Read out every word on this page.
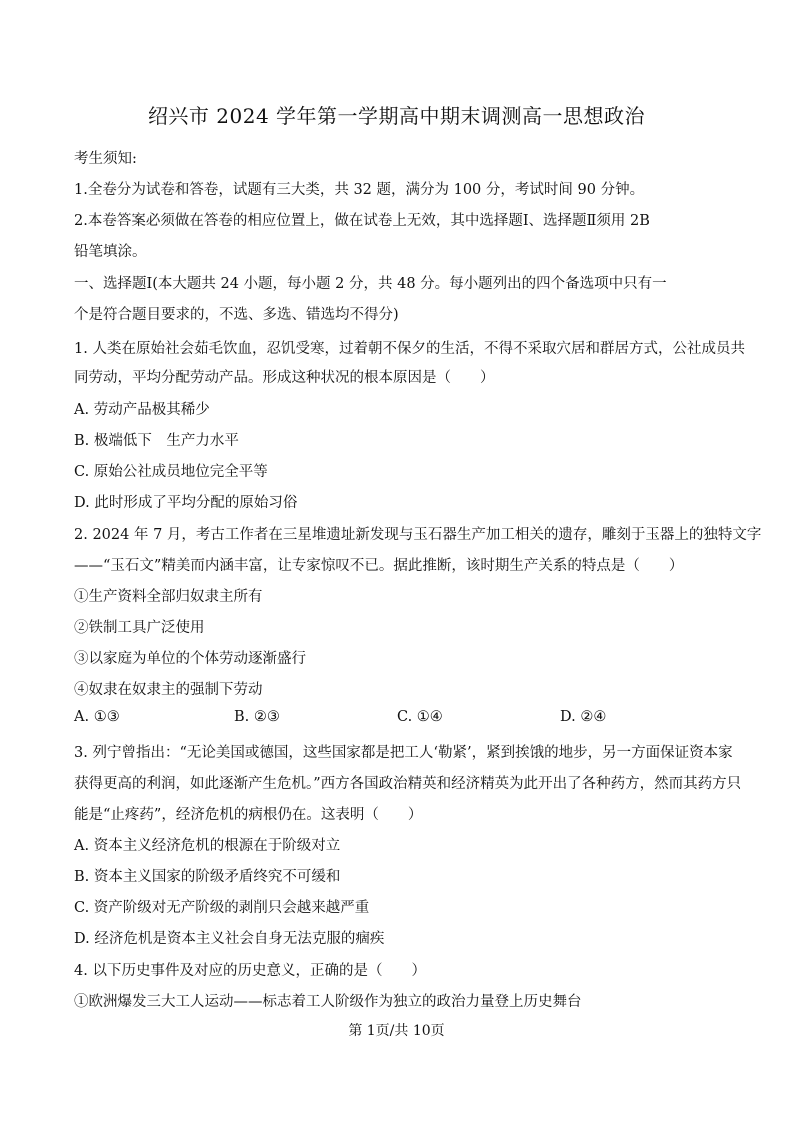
绍兴市 2024 学年第一学期高中期末调测高一思想政治
考生须知:
1.全卷分为试卷和答卷，试题有三大类，共 32 题，满分为 100 分，考试时间 90 分钟。
2.本卷答案必须做在答卷的相应位置上，做在试卷上无效，其中选择题Ⅰ、选择题Ⅱ须用 2B
铅笔填涂。
一、选择题Ⅰ(本大题共 24 小题，每小题 2 分，共 48 分。每小题列出的四个备选项中只有一
个是符合题目要求的，不选、多选、错选均不得分)
1. 人类在原始社会茹毛饮血，忍饥受寒，过着朝不保夕的生活，不得不采取穴居和群居方式，公社成员共
同劳动，平均分配劳动产品。形成这种状况的根本原因是（　　）
A. 劳动产品极其稀少
B. 极端低下　生产力水平
C. 原始公社成员地位完全平等
D. 此时形成了平均分配的原始习俗
2. 2024 年 7 月，考古工作者在三星堆遗址新发现与玉石器生产加工相关的遗存，雕刻于玉器上的独特文字
——“玉石文”精美而内涵丰富，让专家惊叹不已。据此推断，该时期生产关系的特点是（　　）
①生产资料全部归奴隶主所有
②铁制工具广泛使用
③以家庭为单位的个体劳动逐渐盛行
④奴隶在奴隶主的强制下劳动
A. ①③	B. ②③	C. ①④	D. ②④
3. 列宁曾指出：“无论美国或德国，这些国家都是把工人‘勒紧’，紧到挨饿的地步，另一方面保证资本家
获得更高的利润，如此逐渐产生危机。”西方各国政治精英和经济精英为此开出了各种药方，然而其药方只
能是“止疼药”，经济危机的病根仍在。这表明（　　）
A. 资本主义经济危机的根源在于阶级对立
B. 资本主义国家的阶级矛盾终究不可缓和
C. 资产阶级对无产阶级的剥削只会越来越严重
D. 经济危机是资本主义社会自身无法克服的痼疾
4. 以下历史事件及对应的历史意义，正确的是（　　）
①欧洲爆发三大工人运动——标志着工人阶级作为独立的政治力量登上历史舞台
第 1页/共 10页
